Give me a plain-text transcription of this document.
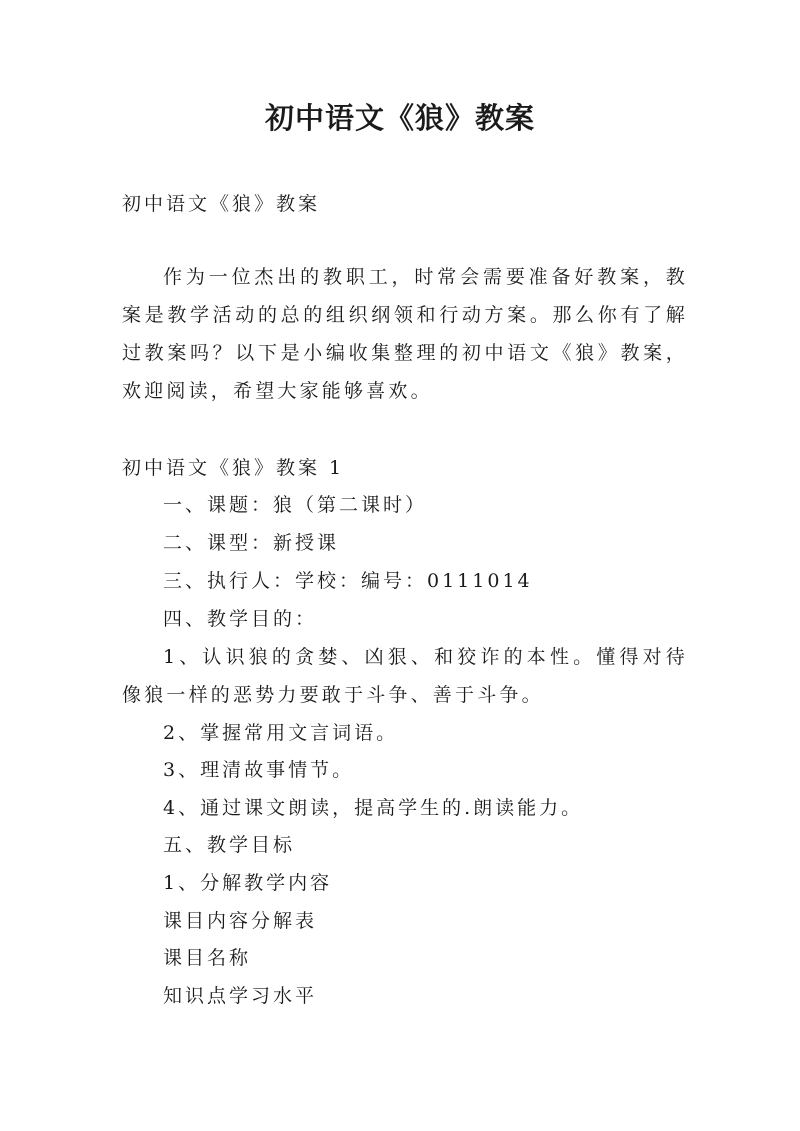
初中语文《狼》教案

初中语文《狼》教案

作为一位杰出的教职工，时常会需要准备好教案，教案是教学活动的总的组织纲领和行动方案。那么你有了解过教案吗？以下是小编收集整理的初中语文《狼》教案，欢迎阅读，希望大家能够喜欢。

初中语文《狼》教案 1

一、课题：狼（第二课时）

二、课型：新授课

三、执行人：学校：编号：0111014

四、教学目的：

1、认识狼的贪婪、凶狠、和狡诈的本性。懂得对待像狼一样的恶势力要敢于斗争、善于斗争。

2、掌握常用文言词语。

3、理清故事情节。

4、通过课文朗读，提高学生的.朗读能力。

五、教学目标

1、分解教学内容

课目内容分解表

课目名称

知识点学习水平
